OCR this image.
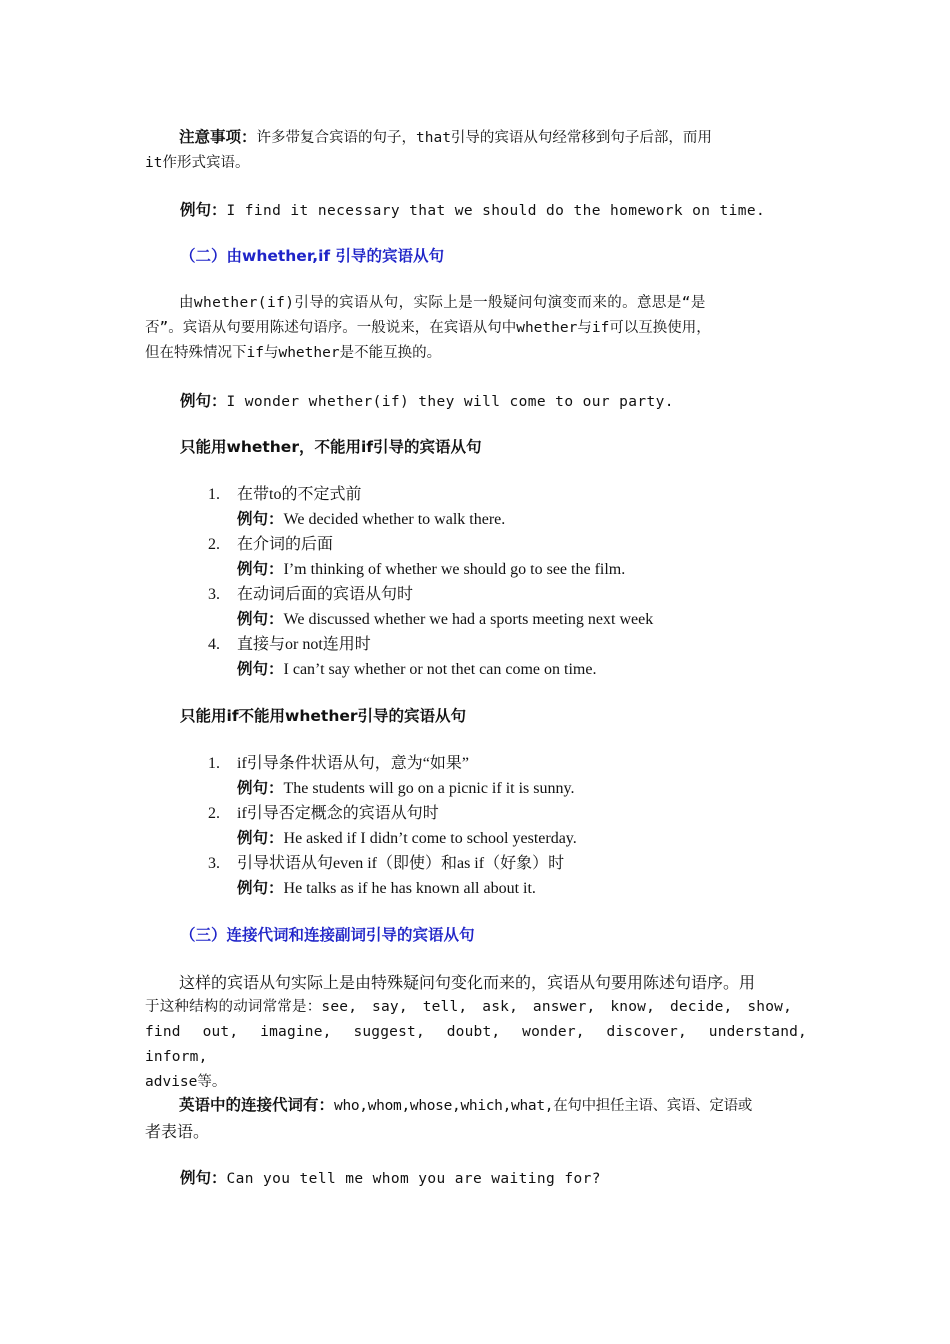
注意事项：许多带复合宾语的句子，that引导的宾语从句经常移到句子后部，而用
it作形式宾语。
例句：I find it necessary that we should do the homework on time.
（二）由whether,if 引导的宾语从句
由whether(if)引导的宾语从句，实际上是一般疑问句演变而来的。意思是“是
否”。宾语从句要用陈述句语序。一般说来，在宾语从句中whether与if可以互换使用，
但在特殊情况下if与whether是不能互换的。
例句：I wonder whether(if) they will come to our party.
只能用whether，不能用if引导的宾语从句
1. 在带to的不定式前
例句：We decided whether to walk there.
2. 在介词的后面
例句：I’m thinking of whether we should go to see the film.
3. 在动词后面的宾语从句时
例句：We discussed whether we had a sports meeting next week
4. 直接与or not连用时
例句：I can’t say whether or not thet can come on time.
只能用if不能用whether引导的宾语从句
1. if引导条件状语从句，意为“如果”
例句：The students will go on a picnic if it is sunny.
2. if引导否定概念的宾语从句时
例句：He asked if I didn’t come to school yesterday.
3. 引导状语从句even if（即使）和as if（好象）时
例句：He talks as if he has known all about it.
（三）连接代词和连接副词引导的宾语从句
这样的宾语从句实际上是由特殊疑问句变化而来的，宾语从句要用陈述句语序。用
于这种结构的动词常常是：see, say, tell, ask, answer, know, decide, show,
find out, imagine, suggest, doubt, wonder, discover, understand, inform,
advise等。
英语中的连接代词有：who,whom,whose,which,what,在句中担任主语、宾语、定语或
者表语。
例句：Can you tell me whom you are waiting for?
